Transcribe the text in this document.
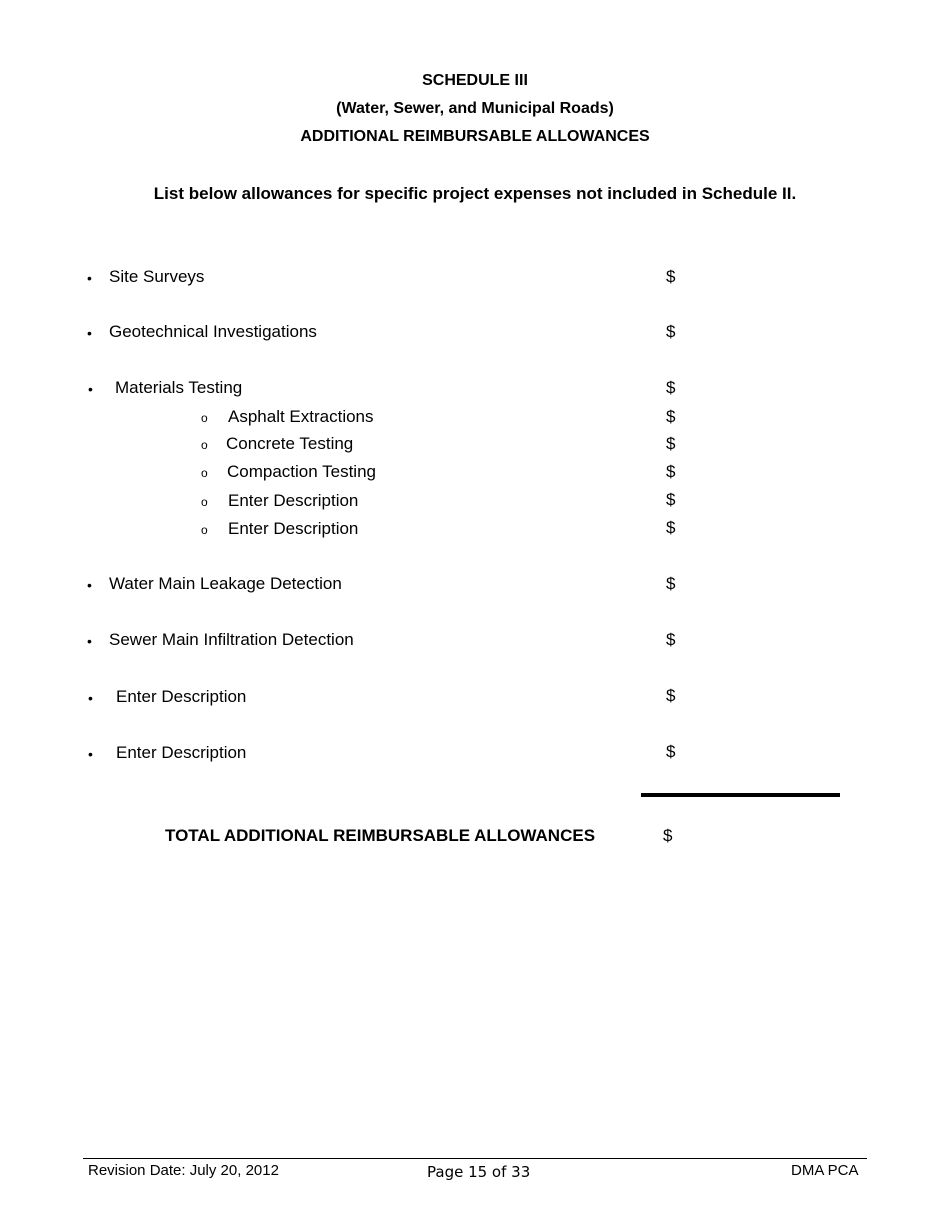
SCHEDULE III
(Water, Sewer, and Municipal Roads)
ADDITIONAL REIMBURSABLE ALLOWANCES
List below allowances for specific project expenses not included in Schedule II.
• Site Surveys	$
• Geotechnical Investigations	$
• Materials Testing	$
o Asphalt Extractions	$
o Concrete Testing	$
o Compaction Testing	$
o Enter Description	$
o Enter Description	$
• Water Main Leakage Detection	$
• Sewer Main Infiltration Detection	$
• Enter Description	$
• Enter Description	$
TOTAL ADDITIONAL REIMBURSABLE ALLOWANCES	$
Revision Date: July 20, 2012	Page 15 of 33	DMA PCA
